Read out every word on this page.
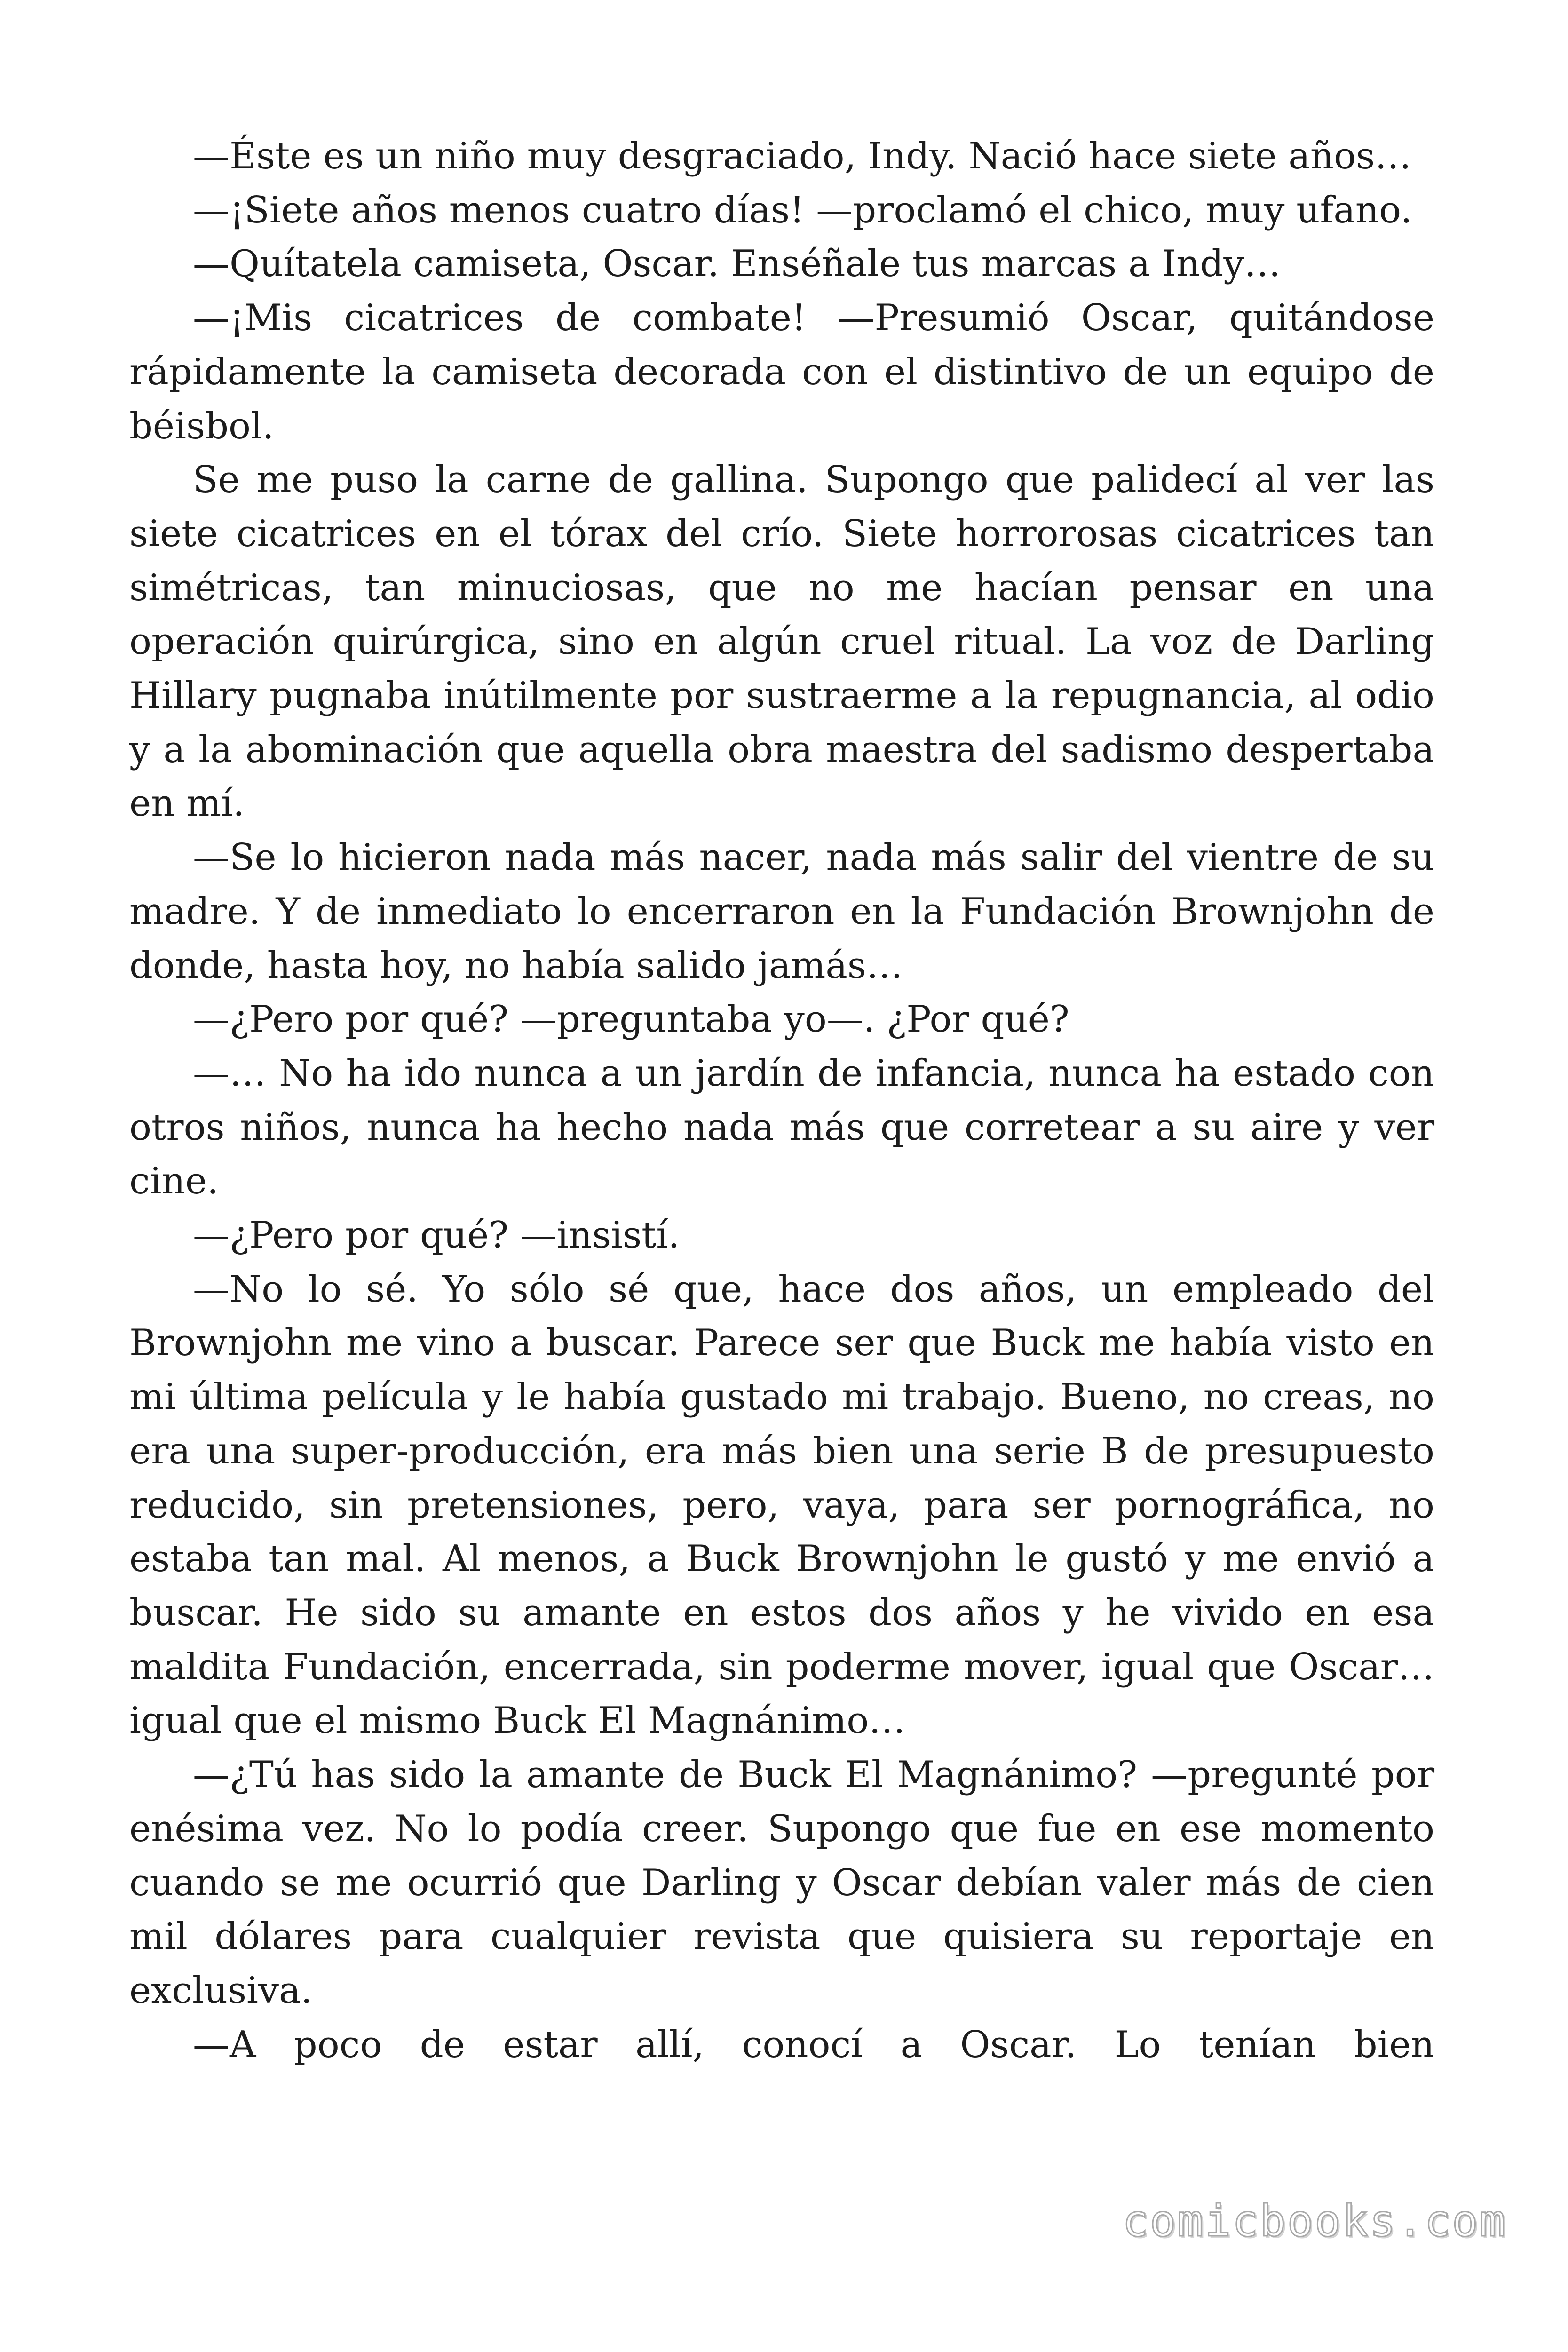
—Éste es un niño muy desgraciado, Indy. Nació hace siete años…

—¡Siete años menos cuatro días! —proclamó el chico, muy ufano.

—Quítatela camiseta, Oscar. Enséñale tus marcas a Indy…

—¡Mis cicatrices de combate! —Presumió Oscar, quitándose rápidamente la camiseta decorada con el distintivo de un equipo de béisbol.

Se me puso la carne de gallina. Supongo que palidecí al ver las siete cicatrices en el tórax del crío. Siete horrorosas cicatrices tan simétricas, tan minuciosas, que no me hacían pensar en una operación quirúrgica, sino en algún cruel ritual. La voz de Darling Hillary pugnaba inútilmente por sustraerme a la repugnancia, al odio y a la abominación que aquella obra maestra del sadismo despertaba en mí.

—Se lo hicieron nada más nacer, nada más salir del vientre de su madre. Y de inmediato lo encerraron en la Fundación Brownjohn de donde, hasta hoy, no había salido jamás…

—¿Pero por qué? —preguntaba yo—. ¿Por qué?

—… No ha ido nunca a un jardín de infancia, nunca ha estado con otros niños, nunca ha hecho nada más que corretear a su aire y ver cine.

—¿Pero por qué? —insistí.

—No lo sé. Yo sólo sé que, hace dos años, un empleado del Brownjohn me vino a buscar. Parece ser que Buck me había visto en mi última película y le había gustado mi trabajo. Bueno, no creas, no era una super-producción, era más bien una serie B de presupuesto reducido, sin pretensiones, pero, vaya, para ser pornográfica, no estaba tan mal. Al menos, a Buck Brownjohn le gustó y me envió a buscar. He sido su amante en estos dos años y he vivido en esa maldita Fundación, encerrada, sin poderme mover, igual que Oscar… igual que el mismo Buck El Magnánimo…

—¿Tú has sido la amante de Buck El Magnánimo? —pregunté por enésima vez. No lo podía creer. Supongo que fue en ese momento cuando se me ocurrió que Darling y Oscar debían valer más de cien mil dólares para cualquier revista que quisiera su reportaje en exclusiva.

—A poco de estar allí, conocí a Oscar. Lo tenían bien

comicbooks.com
